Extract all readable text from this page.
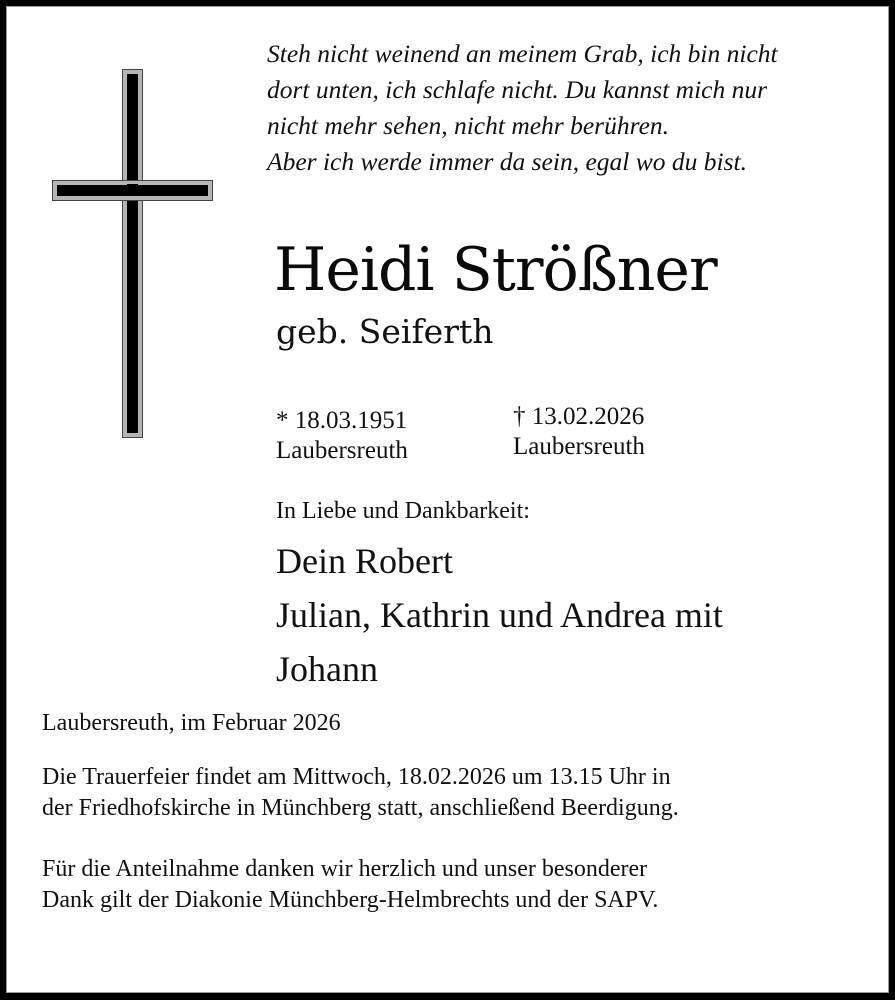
Steh nicht weinend an meinem Grab, ich bin nicht
dort unten, ich schlafe nicht. Du kannst mich nur
nicht mehr sehen, nicht mehr berühren.
Aber ich werde immer da sein, egal wo du bist.
Heidi Strößner
geb. Seiferth
* 18.03.1951
Laubersreuth
† 13.02.2026
Laubersreuth
In Liebe und Dankbarkeit:
Dein Robert
Julian, Kathrin und Andrea mit
Johann
Laubersreuth, im Februar 2026
Die Trauerfeier findet am Mittwoch, 18.02.2026 um 13.15 Uhr in
der Friedhofskirche in Münchberg statt, anschließend Beerdigung.
Für die Anteilnahme danken wir herzlich und unser besonderer
Dank gilt der Diakonie Münchberg-Helmbrechts und der SAPV.
